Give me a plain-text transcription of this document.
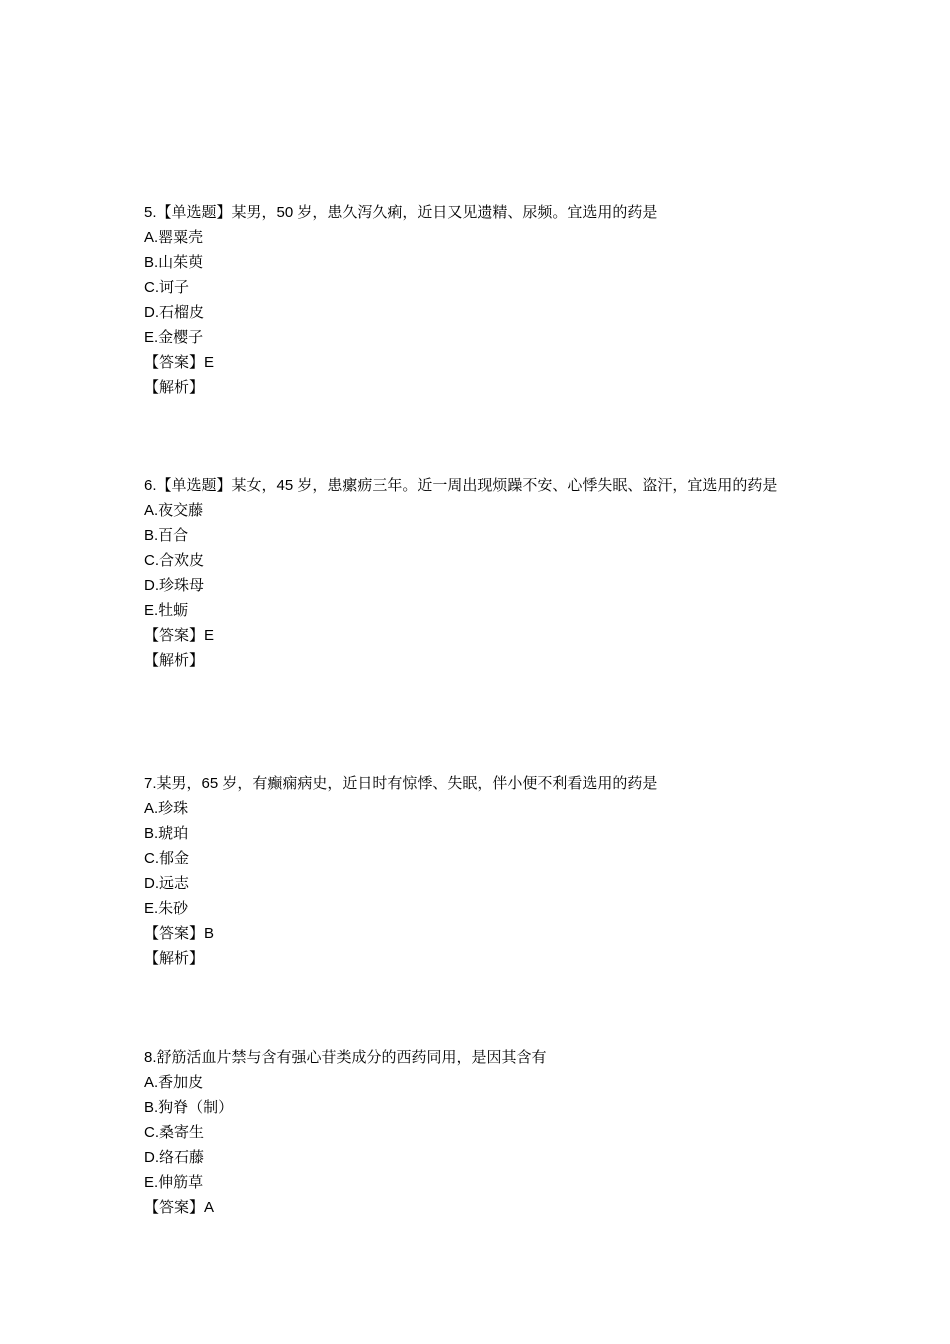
5.【单选题】某男，50 岁，患久泻久痢，近日又见遗精、尿频。宜选用的药是
A.罂粟壳
B.山茱萸
C.诃子
D.石榴皮
E.金樱子
【答案】E
【解析】
6.【单选题】某女，45 岁，患瘰疬三年。近一周出现烦躁不安、心悸失眠、盗汗，宜选用的药是
A.夜交藤
B.百合
C.合欢皮
D.珍珠母
E.牡蛎
【答案】E
【解析】
7.某男，65 岁，有癫痫病史，近日时有惊悸、失眠，伴小便不利看选用的药是
A.珍珠
B.琥珀
C.郁金
D.远志
E.朱砂
【答案】B
【解析】
8.舒筋活血片禁与含有强心苷类成分的西药同用，是因其含有
A.香加皮
B.狗脊（制）
C.桑寄生
D.络石藤
E.伸筋草
【答案】A
